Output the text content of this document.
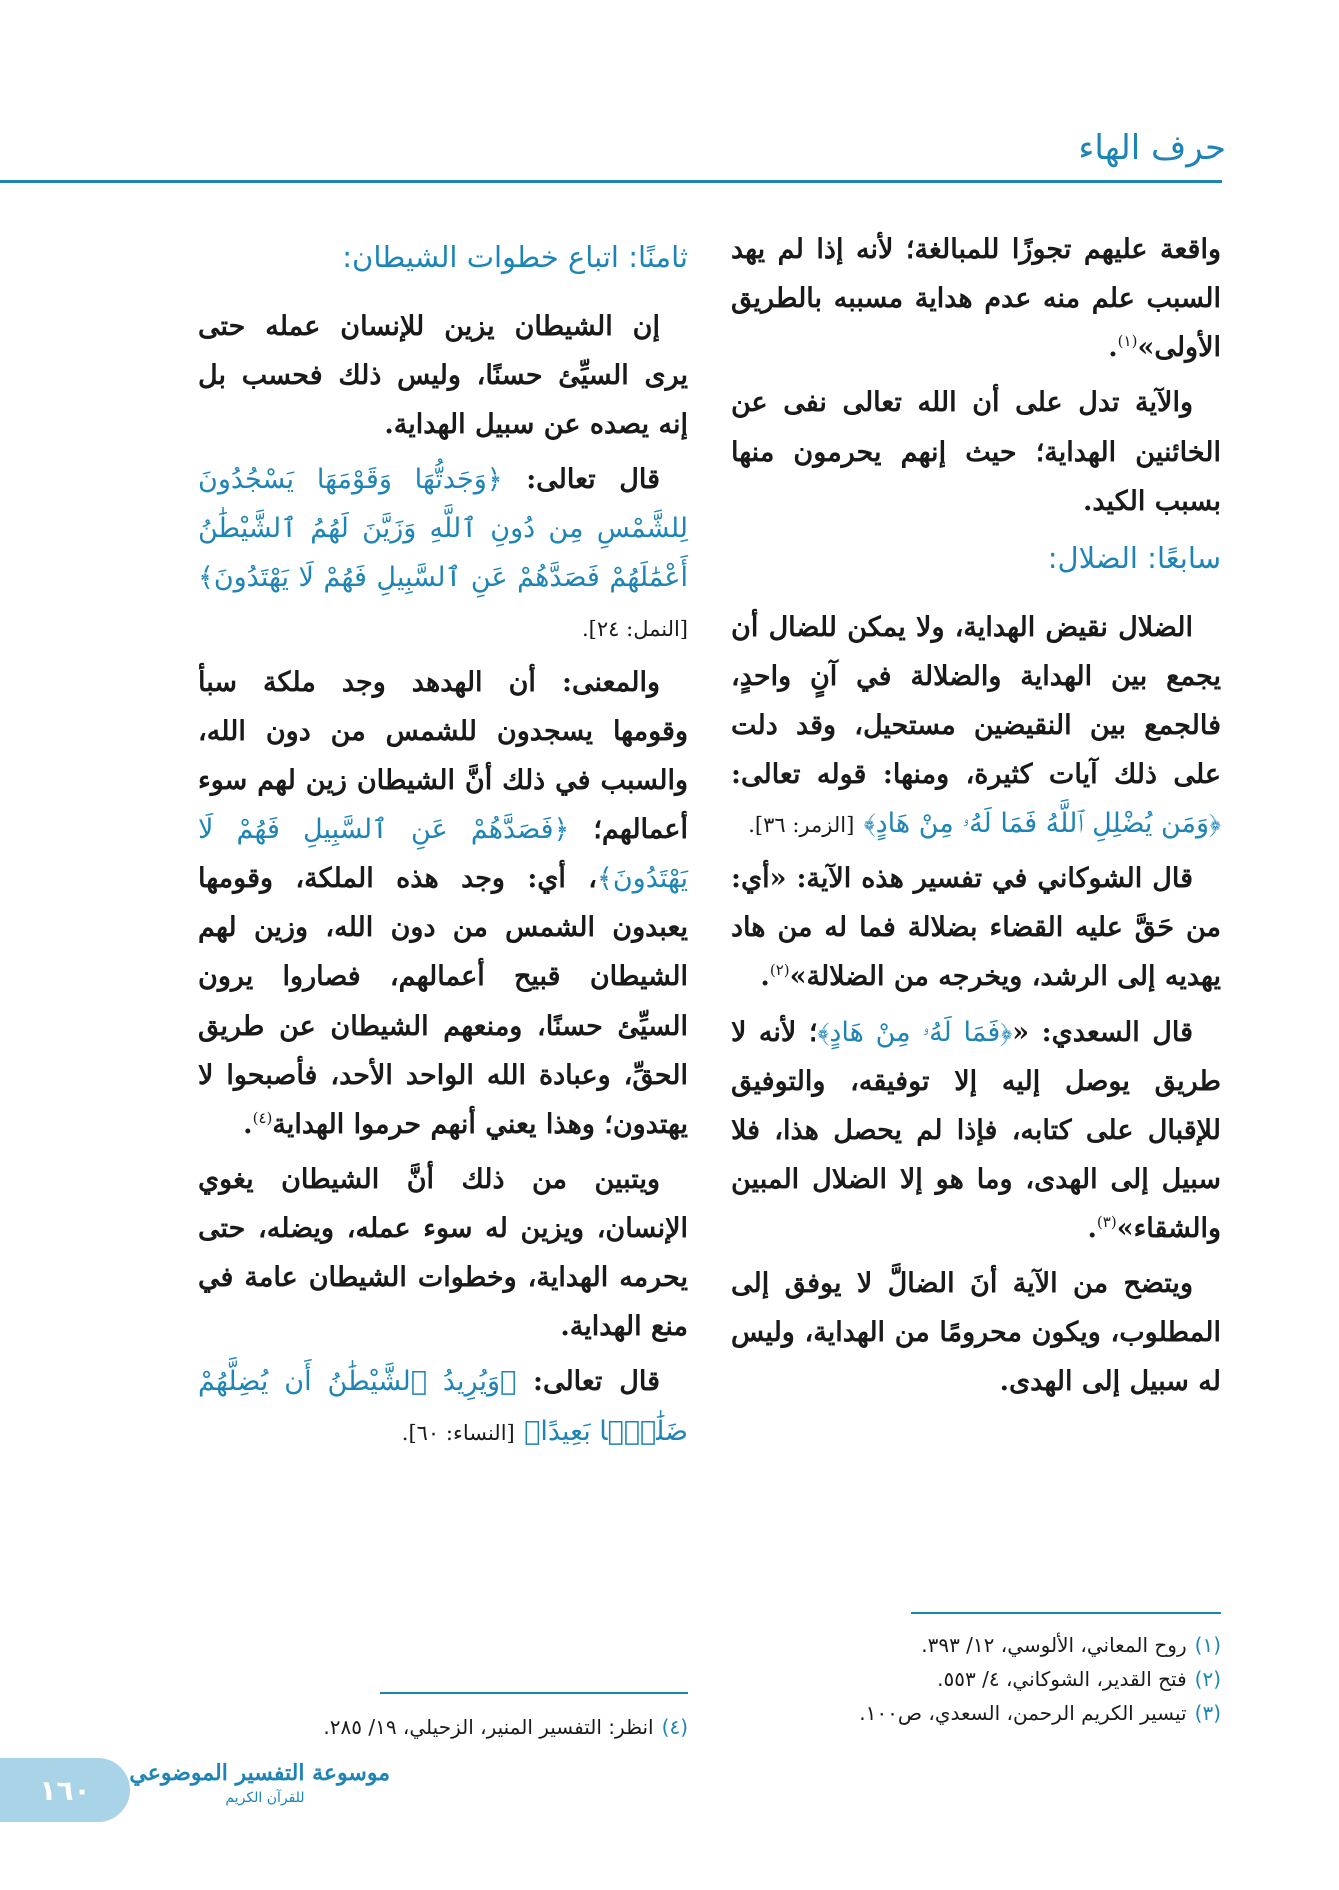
حرف الهاء

واقعة عليهم تجوزًا للمبالغة؛ لأنه إذا لم يهد السبب علم منه عدم هداية مسببه بالطريق الأولى»$^{(١)}$.

والآية تدل على أن الله تعالى نفى عن الخائنين الهداية؛ حيث إنهم يحرمون منها بسبب الكيد.

سابعًا: الضلال:

الضلال نقيض الهداية، ولا يمكن للضال أن يجمع بين الهداية والضلالة في آنٍ واحدٍ، فالجمع بين النقيضين مستحيل، وقد دلت على ذلك آيات كثيرة، ومنها: قوله تعالى: ﴿وَمَن يُضْلِلِ ٱللَّهُ فَمَا لَهُۥ مِنْ هَادٍ﴾ [الزمر: ٣٦].

قال الشوكاني في تفسير هذه الآية: «أي: من حَقَّ عليه القضاء بضلالة فما له من هاد يهديه إلى الرشد، ويخرجه من الضلالة»$^{(٢)}$.

قال السعدي: «﴿فَمَا لَهُۥ مِنْ هَادٍ﴾؛ لأنه لا طريق يوصل إليه إلا توفيقه، والتوفيق للإقبال على كتابه، فإذا لم يحصل هذا، فلا سبيل إلى الهدى، وما هو إلا الضلال المبين والشقاء»$^{(٣)}$.

ويتضح من الآية أنَ الضالَّ لا يوفق إلى المطلوب، ويكون محرومًا من الهداية، وليس له سبيل إلى الهدى.

ثامنًا: اتباع خطوات الشيطان:

إن الشيطان يزين للإنسان عمله حتى يرى السيِّئ حسنًا، وليس ذلك فحسب بل إنه يصده عن سبيل الهداية.

قال تعالى: ﴿وَجَدتُّهَا وَقَوْمَهَا يَسْجُدُونَ لِلشَّمْسِ مِن دُونِ ٱللَّهِ وَزَيَّنَ لَهُمُ ٱلشَّيْطَٰنُ أَعْمَٰلَهُمْ فَصَدَّهُمْ عَنِ ٱلسَّبِيلِ فَهُمْ لَا يَهْتَدُونَ﴾ [النمل: ٢٤].

والمعنى: أن الهدهد وجد ملكة سبأ وقومها يسجدون للشمس من دون الله، والسبب في ذلك أنَّ الشيطان زين لهم سوء أعمالهم؛ ﴿فَصَدَّهُمْ عَنِ ٱلسَّبِيلِ فَهُمْ لَا يَهْتَدُونَ﴾، أي: وجد هذه الملكة، وقومها يعبدون الشمس من دون الله، وزين لهم الشيطان قبيح أعمالهم، فصاروا يرون السيِّئ حسنًا، ومنعهم الشيطان عن طريق الحقِّ، وعبادة الله الواحد الأحد، فأصبحوا لا يهتدون؛ وهذا يعني أنهم حرموا الهداية$^{(٤)}$.

ويتبين من ذلك أنَّ الشيطان يغوي الإنسان، ويزين له سوء عمله، ويضله، حتى يحرمه الهداية، وخطوات الشيطان عامة في منع الهداية.

قال تعالى: ﴿وَيُرِيدُ ٱلشَّيْطَٰنُ أَن يُضِلَّهُمْ ضَلَٰلًۢا بَعِيدًا﴾ [النساء: ٦٠].

(١)روح المعاني، الألوسي، ١٢/ ٣٩٣.
(٢)فتح القدير، الشوكاني، ٤/ ٥٥٣.
(٣)تيسير الكريم الرحمن، السعدي، ص١٠٠.
(٤)انظر: التفسير المنير، الزحيلي، ١٩/ ٢٨٥.
١٦٠
موسوعة التفسير الموضوعي
للقرآن الكريم
